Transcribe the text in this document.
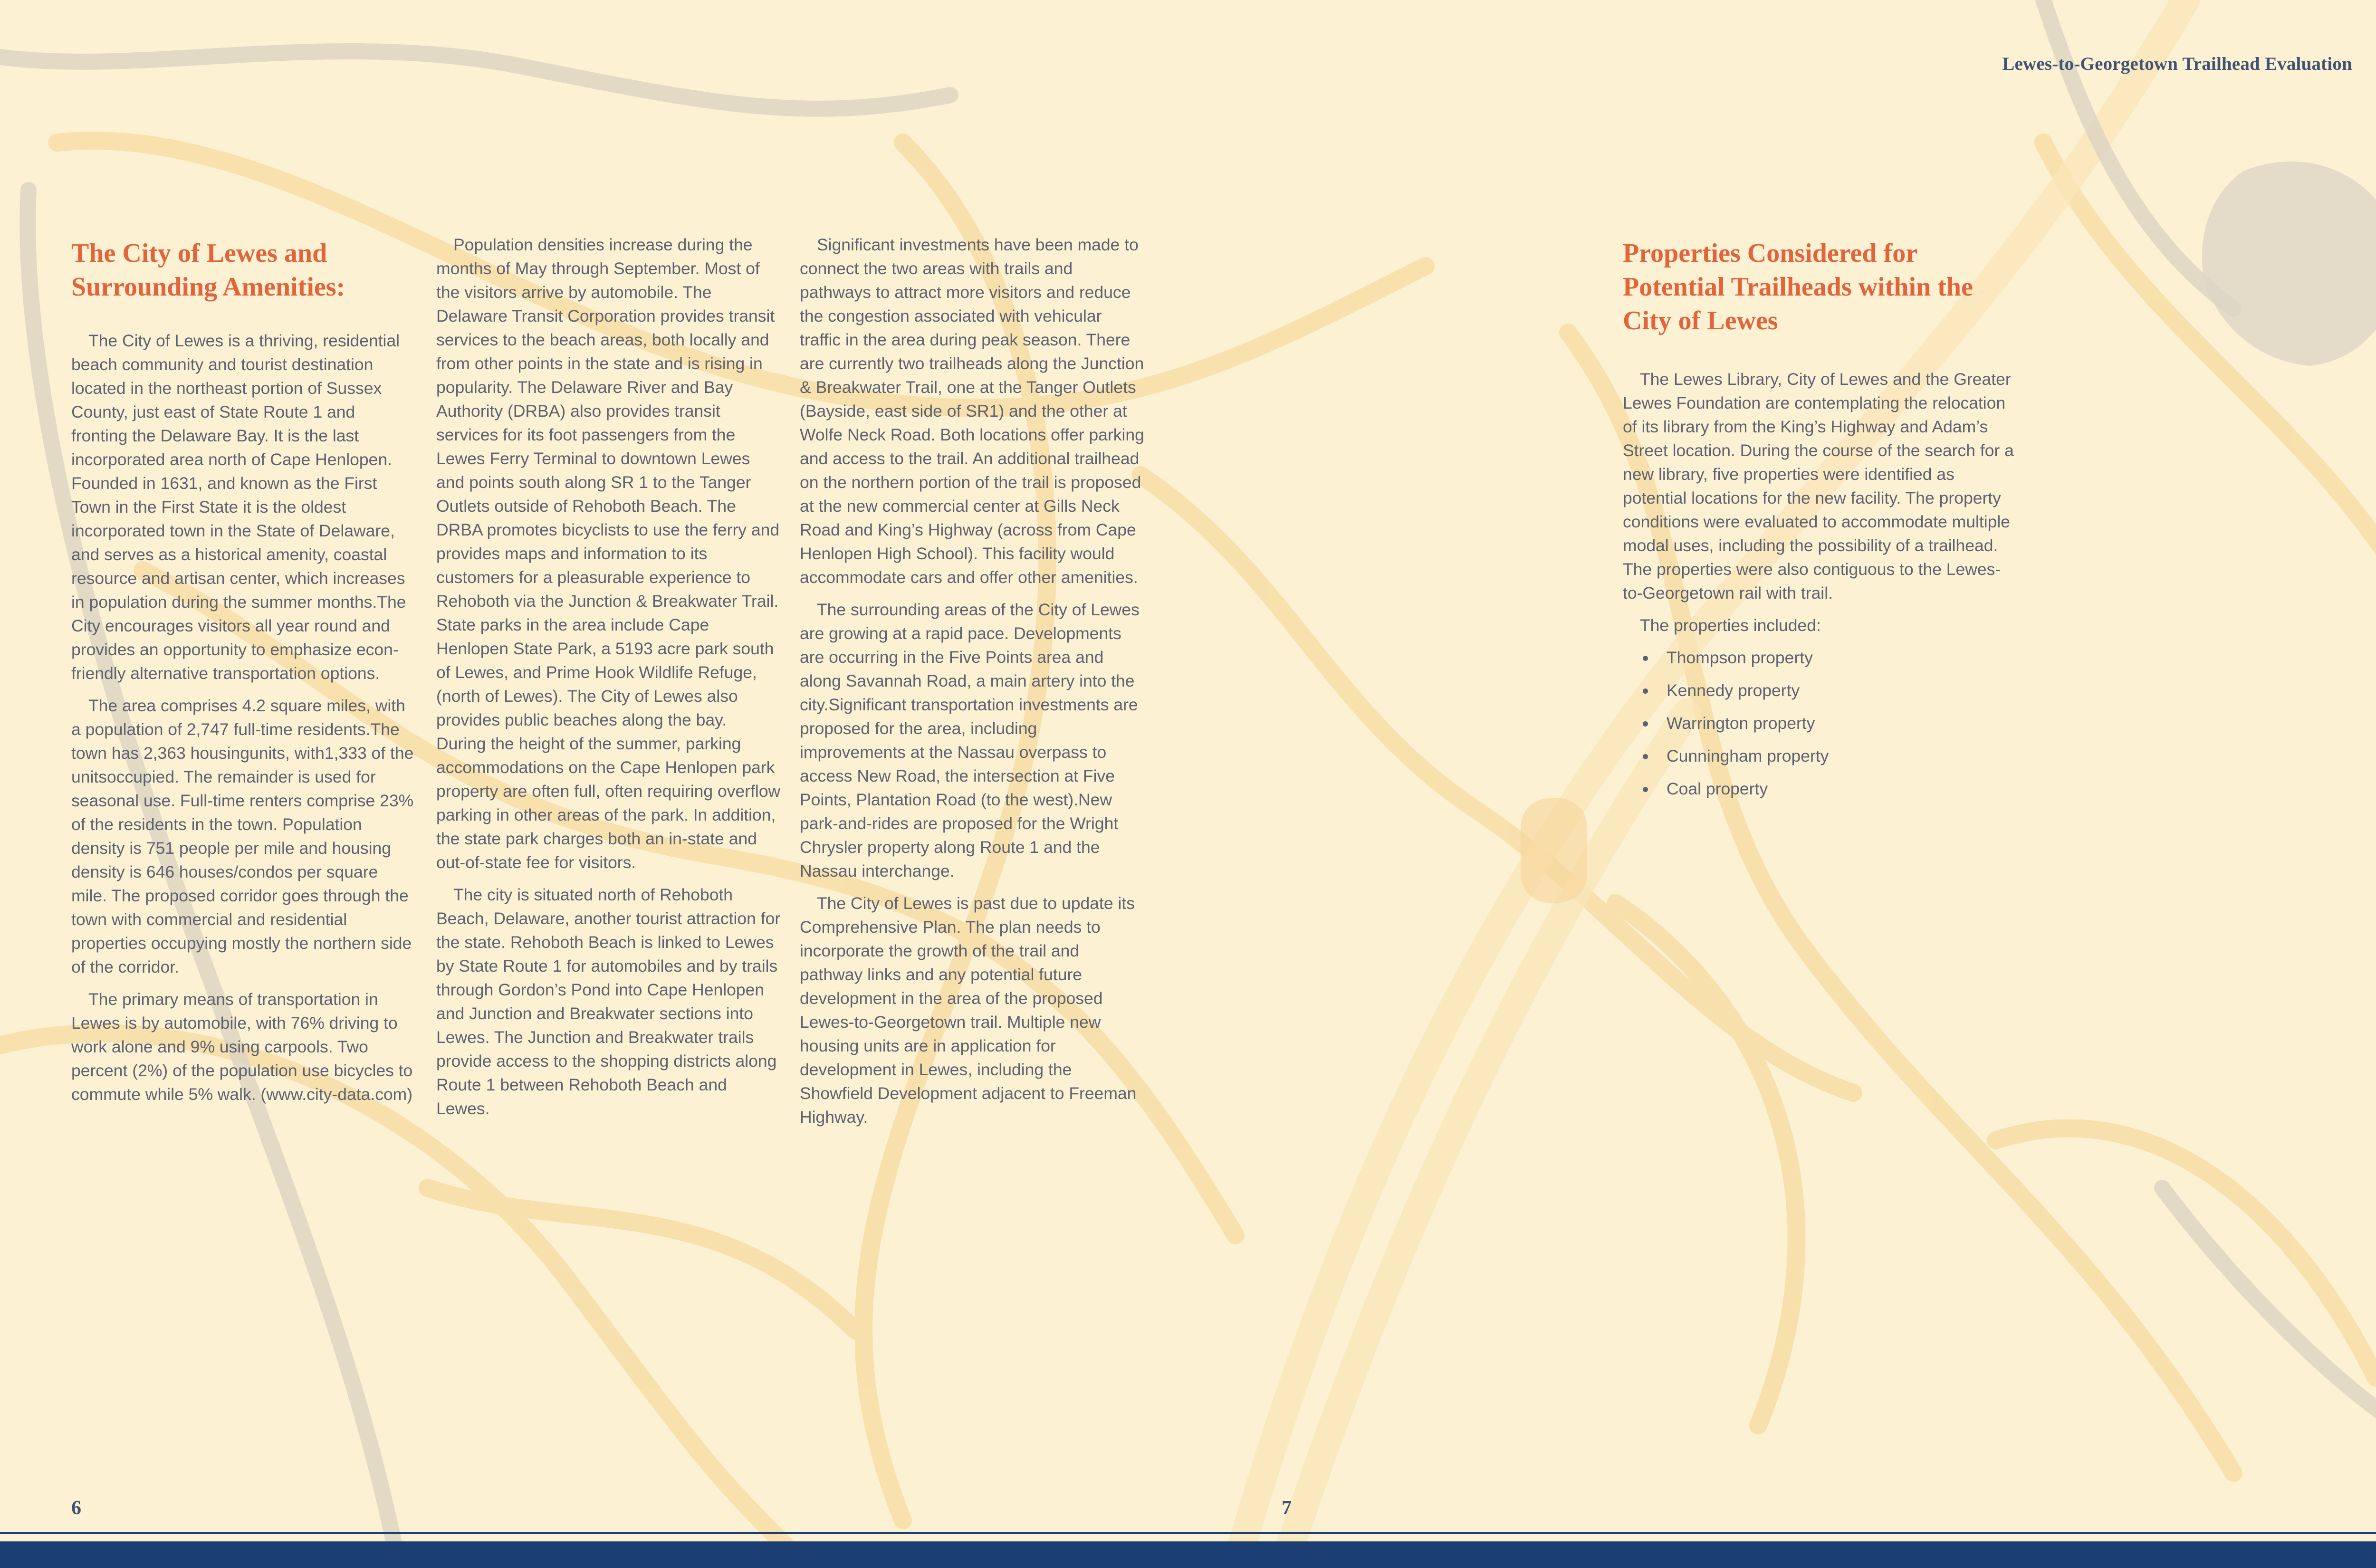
Lewes-to-Georgetown Trailhead Evaluation
The City of Lewes and Surrounding Amenities:

The City of Lewes is a thriving, residential beach community and tourist destination located in the northeast portion of Sussex County, just east of State Route 1 and fronting the Delaware Bay. It is the last incorporated area north of Cape Henlopen. Founded in 1631, and known as the First Town in the First State it is the oldest incorporated town in the State of Delaware, and serves as a historical amenity, coastal resource and artisan center, which increases in population during the summer months.The City encourages visitors all year round and provides an opportunity to emphasize econ-friendly alternative transportation options.

The area comprises 4.2 square miles, with a population of 2,747 full-time residents.The town has 2,363 housingunits, with1,333 of the unitsoccupied. The remainder is used for seasonal use. Full-time renters comprise 23% of the residents in the town. Population density is 751 people per mile and housing density is 646 houses/condos per square mile. The proposed corridor goes through the town with commercial and residential properties occupying mostly the northern side of the corridor.

The primary means of transportation in Lewes is by automobile, with 76% driving to work alone and 9% using carpools. Two percent (2%) of the population use bicycles to commute while 5% walk. (www.city-data.com)

Population densities increase during the months of May through September. Most of the visitors arrive by automobile. The Delaware Transit Corporation provides transit services to the beach areas, both locally and from other points in the state and is rising in popularity. The Delaware River and Bay Authority (DRBA) also provides transit services for its foot passengers from the Lewes Ferry Terminal to downtown Lewes and points south along SR 1 to the Tanger Outlets outside of Rehoboth Beach. The DRBA promotes bicyclists to use the ferry and provides maps and information to its customers for a pleasurable experience to Rehoboth via the Junction & Breakwater Trail. State parks in the area include Cape Henlopen State Park, a 5193 acre park south of Lewes, and Prime Hook Wildlife Refuge, (north of Lewes). The City of Lewes also provides public beaches along the bay. During the height of the summer, parking accommodations on the Cape Henlopen park property are often full, often requiring overflow parking in other areas of the park. In addition, the state park charges both an in-state and out-of-state fee for visitors.

The city is situated north of Rehoboth Beach, Delaware, another tourist attraction for the state. Rehoboth Beach is linked to Lewes by State Route 1 for automobiles and by trails through Gordon’s Pond into Cape Henlopen and Junction and Breakwater sections into Lewes. The Junction and Breakwater trails provide access to the shopping districts along Route 1 between Rehoboth Beach and Lewes.

Significant investments have been made to connect the two areas with trails and pathways to attract more visitors and reduce the congestion associated with vehicular traffic in the area during peak season. There are currently two trailheads along the Junction & Breakwater Trail, one at the Tanger Outlets (Bayside, east side of SR1) and the other at Wolfe Neck Road. Both locations offer parking and access to the trail. An additional trailhead on the northern portion of the trail is proposed at the new commercial center at Gills Neck Road and King’s Highway (across from Cape Henlopen High School). This facility would accommodate cars and offer other amenities.

The surrounding areas of the City of Lewes are growing at a rapid pace. Developments are occurring in the Five Points area and along Savannah Road, a main artery into the city.Significant transportation investments are proposed for the area, including improvements at the Nassau overpass to access New Road, the intersection at Five Points, Plantation Road (to the west).New park-and-rides are proposed for the Wright Chrysler property along Route 1 and the Nassau interchange.

The City of Lewes is past due to update its Comprehensive Plan. The plan needs to incorporate the growth of the trail and pathway links and any potential future development in the area of the proposed Lewes-to-Georgetown trail. Multiple new housing units are in application for development in Lewes, including the Showfield Development adjacent to Freeman Highway.

Properties Considered for Potential Trailheads within the City of Lewes

The Lewes Library, City of Lewes and the Greater Lewes Foundation are contemplating the relocation of its library from the King’s Highway and Adam’s Street location. During the course of the search for a new library, five properties were identified as potential locations for the new facility. The property conditions were evaluated to accommodate multiple modal uses, including the possibility of a trailhead. The properties were also contiguous to the Lewes-to-Georgetown rail with trail.

The properties included:

Thompson property
Kennedy property
Warrington property
Cunningham property
Coal property
6	7
